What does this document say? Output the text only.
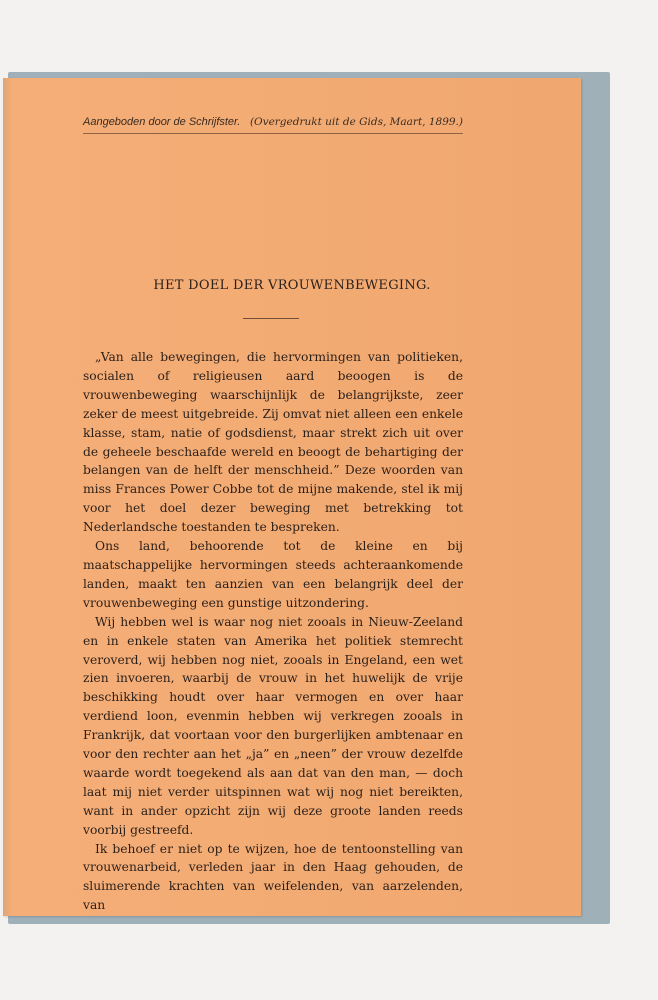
Aangeboden door de Schrijfster. (Overgedrukt uit de Gids, Maart, 1899.)
HET DOEL DER VROUWENBEWEGING.

„Van alle bewegingen, die hervormingen van politieken, socialen of religieusen aard beoogen is de vrouwenbeweging waarschijnlijk de belangrijkste, zeer zeker de meest uitgebreide. Zij omvat niet alleen een enkele klasse, stam, natie of godsdienst, maar strekt zich uit over de geheele beschaafde wereld en beoogt de behartiging der belangen van de helft der menschheid.” Deze woorden van miss Frances Power Cobbe tot de mijne makende, stel ik mij voor het doel dezer beweging met betrekking tot Nederlandsche toestanden te bespreken.

Ons land, behoorende tot de kleine en bij maatschappelijke hervormingen steeds achteraankomende landen, maakt ten aanzien van een belangrijk deel der vrouwenbeweging een gunstige uitzondering.

Wij hebben wel is waar nog niet zooals in Nieuw-Zeeland en in enkele staten van Amerika het politiek stemrecht veroverd, wij hebben nog niet, zooals in Engeland, een wet zien invoeren, waarbij de vrouw in het huwelijk de vrije beschikking houdt over haar vermogen en over haar verdiend loon, evenmin hebben wij verkregen zooals in Frankrijk, dat voortaan voor den burgerlijken ambtenaar en voor den rechter aan het „ja” en „neen” der vrouw dezelfde waarde wordt toegekend als aan dat van den man, — doch laat mij niet verder uitspinnen wat wij nog niet bereikten, want in ander opzicht zijn wij deze groote landen reeds voorbij gestreefd.

Ik behoef er niet op te wijzen, hoe de tentoonstelling van vrouwenarbeid, verleden jaar in den Haag gehouden, de sluimerende krachten van weifelenden, van aarzelenden, van
